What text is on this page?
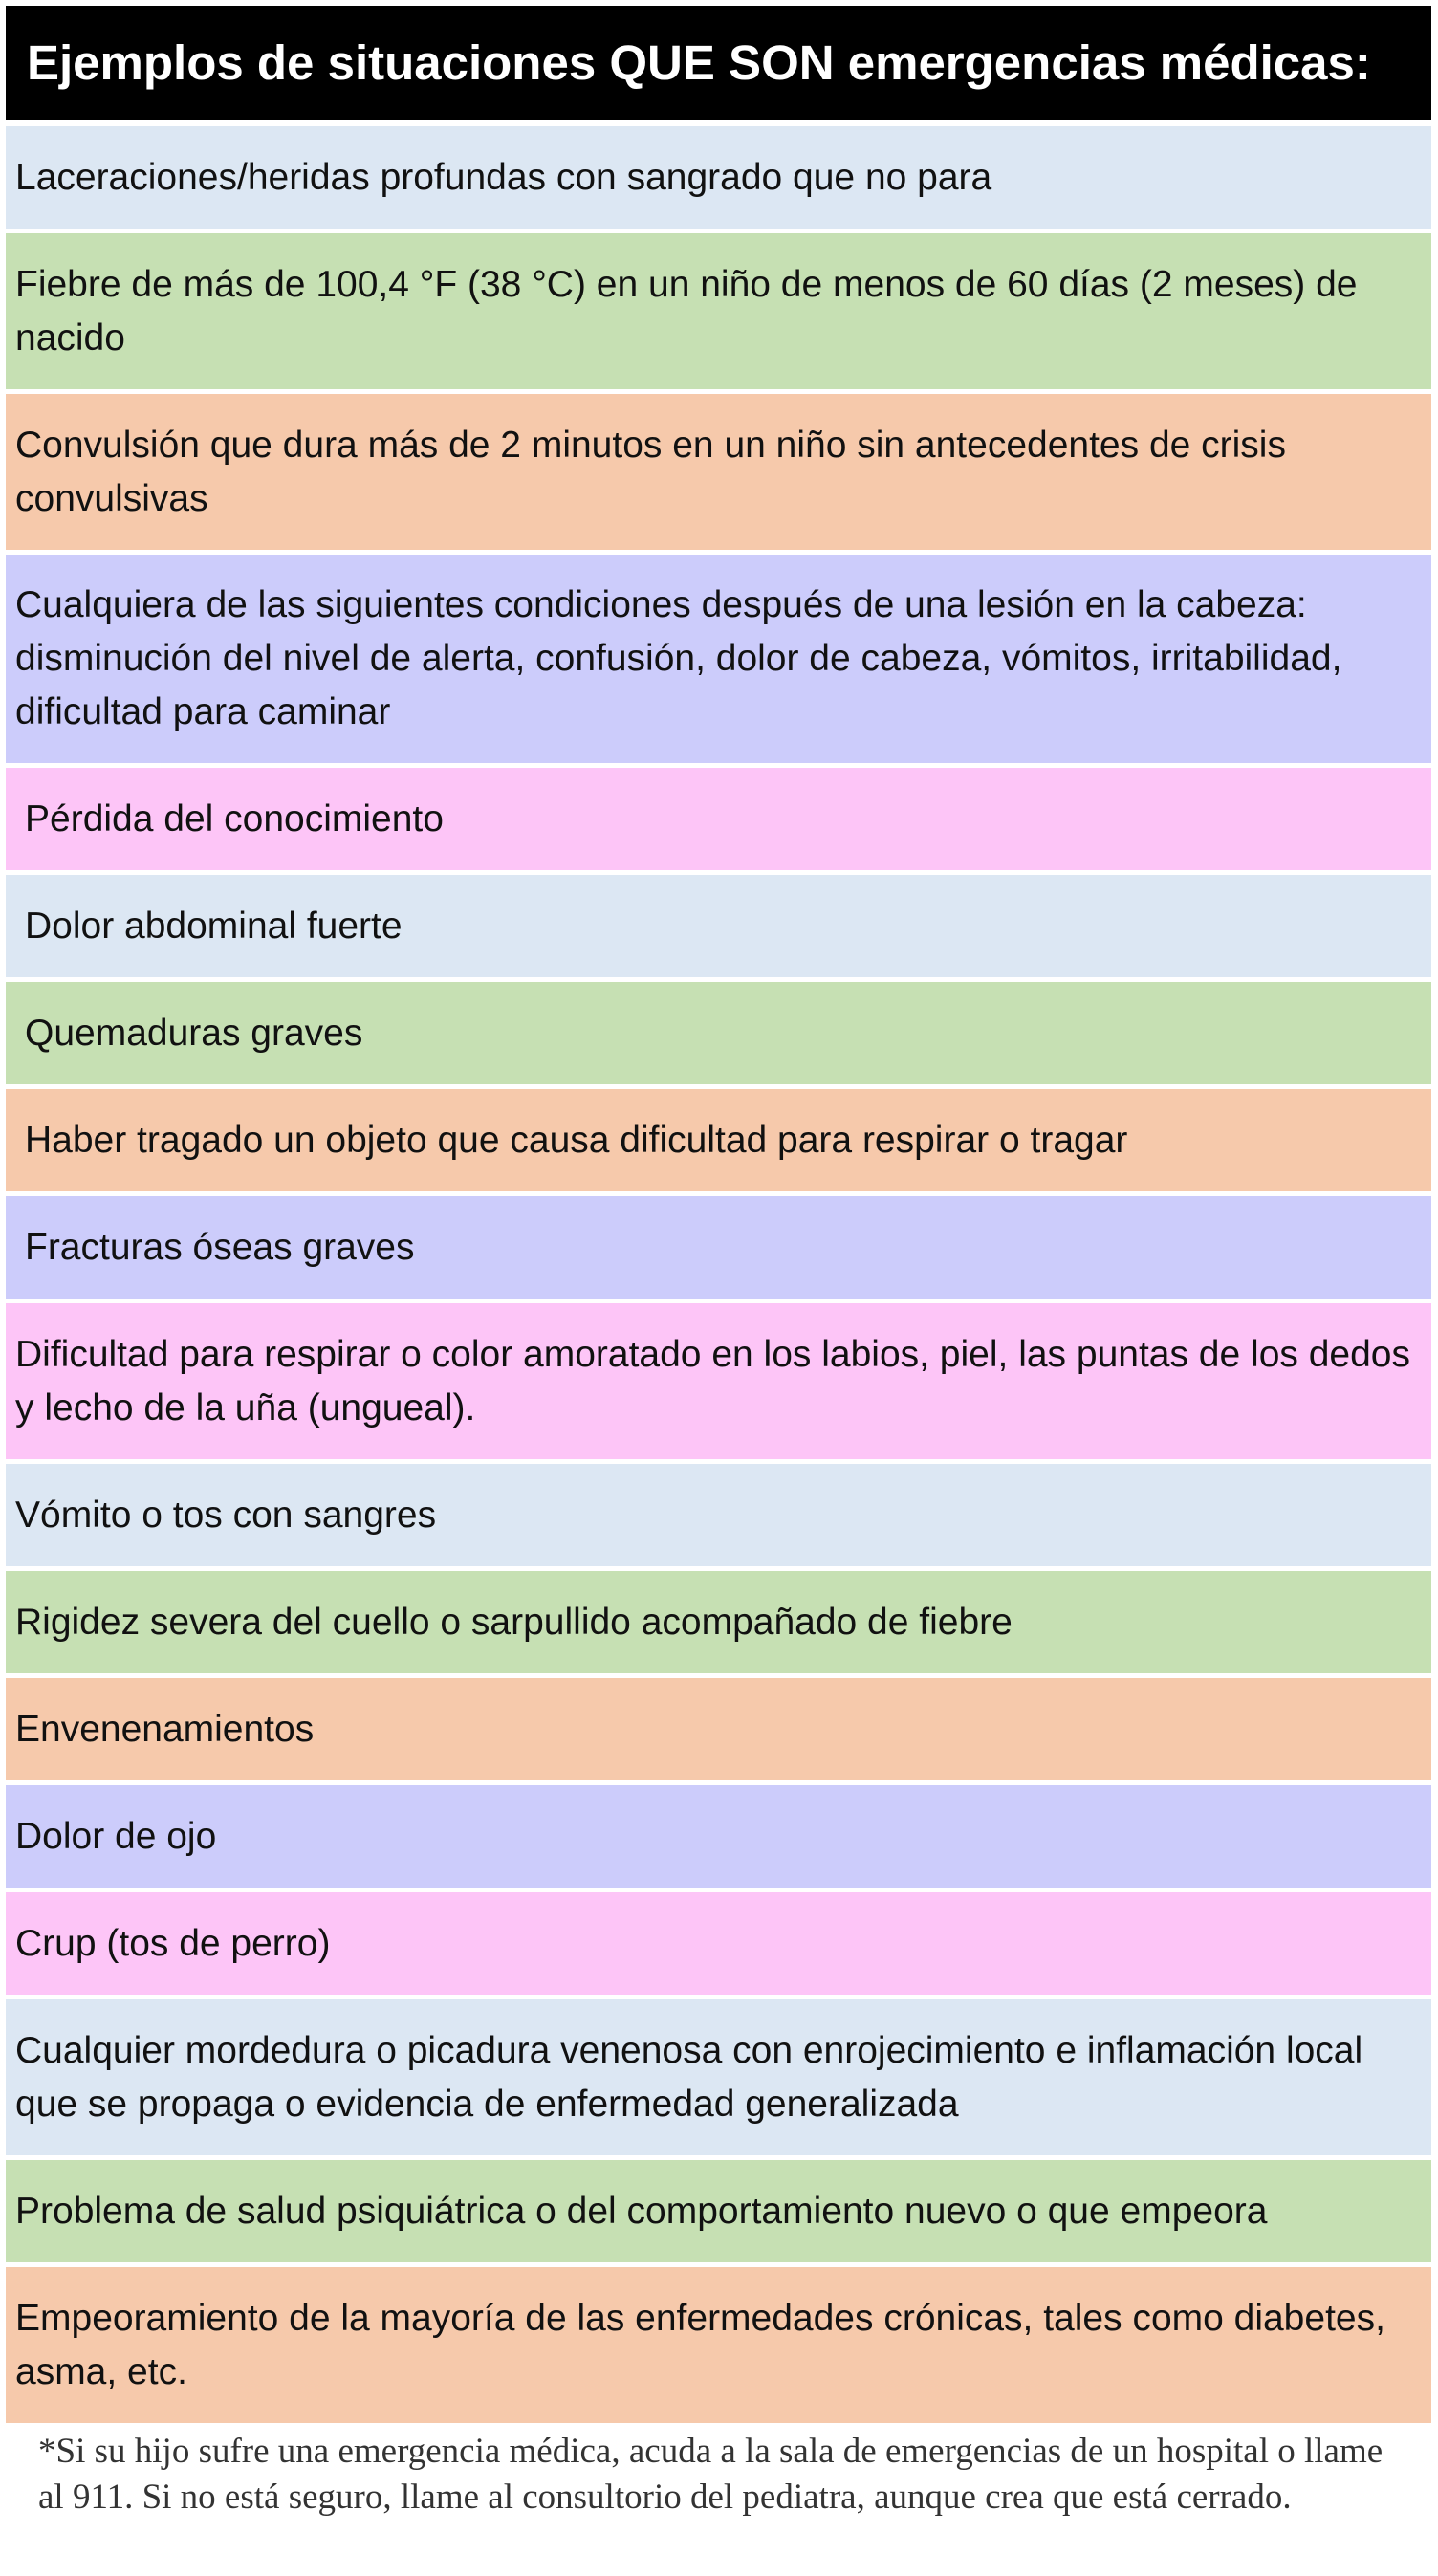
Ejemplos de situaciones QUE SON emergencias médicas:
Laceraciones/heridas profundas con sangrado que no para
Fiebre de más de 100,4 °F (38 °C) en un niño de menos de 60 días (2 meses) de nacido
Convulsión que dura más de 2 minutos en un niño sin antecedentes de crisis convulsivas
Cualquiera de las siguientes condiciones después de una lesión en la cabeza: disminución del nivel de alerta, confusión, dolor de cabeza, vómitos, irritabilidad, dificultad para caminar
Pérdida del conocimiento
Dolor abdominal fuerte
Quemaduras graves
Haber tragado un objeto que causa dificultad para respirar o tragar
Fracturas óseas graves
Dificultad para respirar o color amoratado en los labios, piel, las puntas de los dedos y lecho de la uña (ungueal).
Vómito o tos con sangres
Rigidez severa del cuello o sarpullido acompañado de fiebre
Envenenamientos
Dolor de ojo
Crup (tos de perro)
Cualquier mordedura o picadura venenosa con enrojecimiento e inflamación local que se propaga o evidencia de enfermedad generalizada
Problema de salud psiquiátrica o del comportamiento nuevo o que empeora
Empeoramiento de la mayoría de las enfermedades crónicas, tales como diabetes, asma, etc.
*Si su hijo sufre una emergencia médica, acuda a la sala de emergencias de un hospital o llame al 911. Si no está seguro, llame al consultorio del pediatra, aunque crea que está cerrado.
